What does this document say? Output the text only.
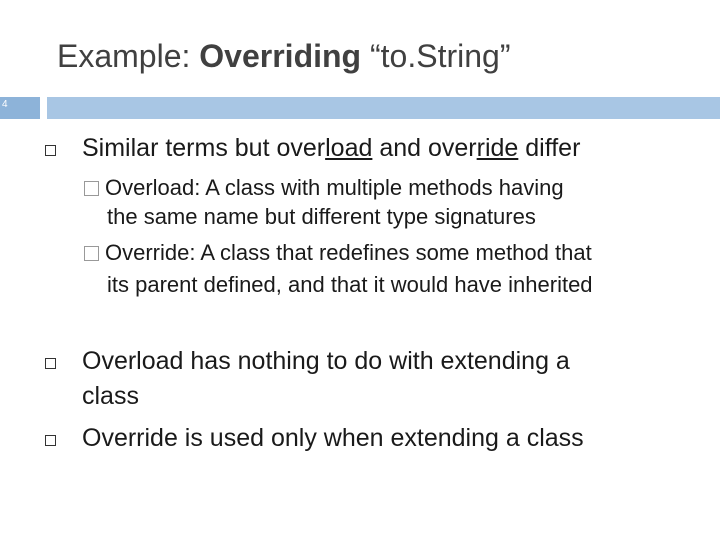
Example: Overriding “to.String”
4
Similar terms but overload and override differ
Overload: A class with multiple methods having
the same name but different type signatures
Override: A class that redefines some method that
its parent defined, and that it would have inherited
Overload has nothing to do with extending a
class
Override is used only when extending a class
